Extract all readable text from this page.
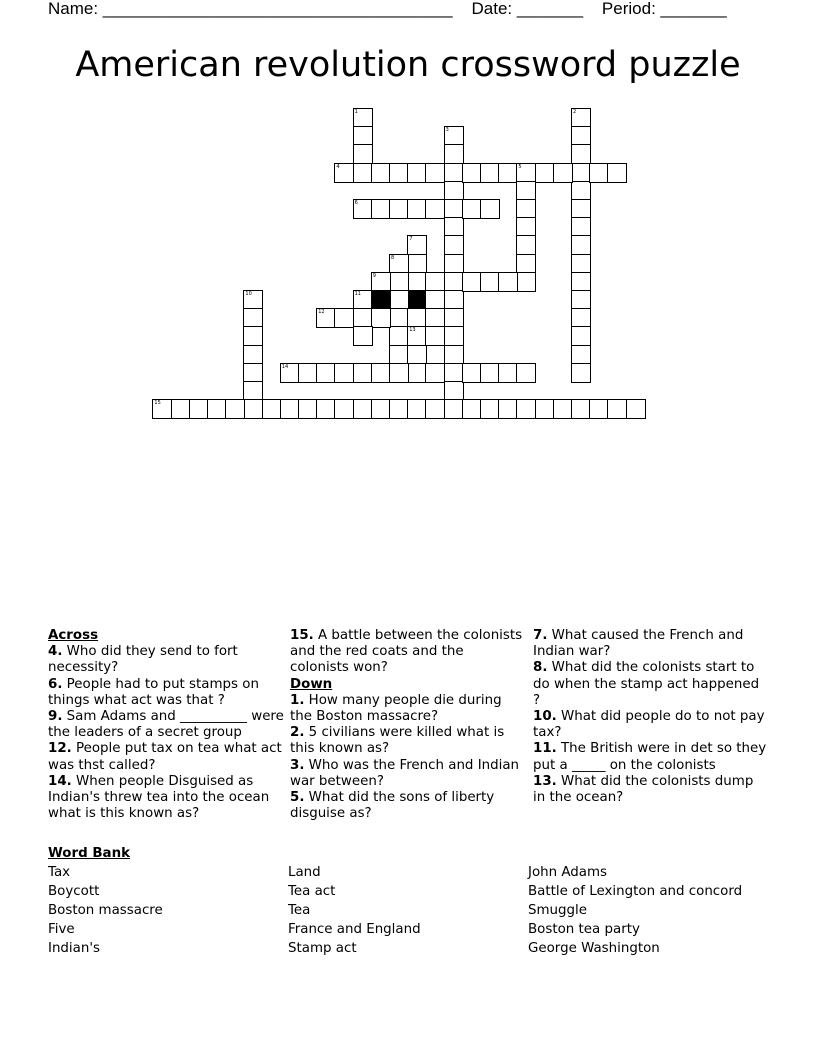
Name: _____________________________________    Date: _______    Period: _______
American revolution crossword puzzle
1	2
3
4	5
6
7
8
9
10	11
12
13
14
15
Across
4. Who did they send to fort necessity?
6. People had to put stamps on things what act was that ?
9. Sam Adams and __________ were the leaders of a secret group
12. People put tax on tea what act was thst called?
14. When people Disguised as Indian's threw tea into the ocean what is this known as?
15. A battle between the colonists and the red coats and the colonists won?
Down
1. How many people die during the Boston massacre?
2. 5 civilians were killed what is this known as?
3. Who was the French and Indian war between?
5. What did the sons of liberty disguise as?
7. What caused the French and Indian war?
8. What did the colonists start to do when the stamp act happened ?
10. What did people do to not pay tax?
11. The British were in det so they put a _____ on the colonists
13. What did the colonists dump in the ocean?
Word Bank
Tax
Boycott
Boston massacre
Five
Indian's
Land
Tea act
Tea
France and England
Stamp act
John Adams
Battle of Lexington and concord
Smuggle
Boston tea party
George Washington
